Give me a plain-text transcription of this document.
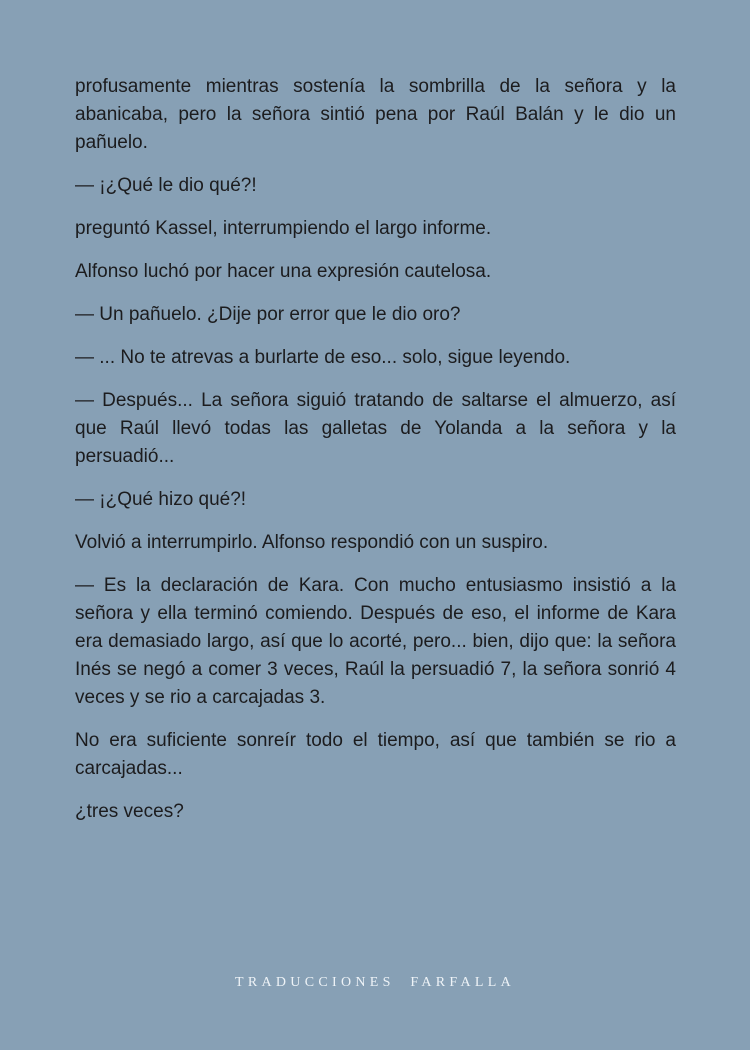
profusamente mientras sostenía la sombrilla de la señora y la abanicaba, pero la señora sintió pena por Raúl Balán y le dio un pañuelo.

— ¡¿Qué le dio qué?!

preguntó Kassel, interrumpiendo el largo informe.

Alfonso luchó por hacer una expresión cautelosa.

— Un pañuelo. ¿Dije por error que le dio oro?

— ... No te atrevas a burlarte de eso... solo, sigue leyendo.

— Después... La señora siguió tratando de saltarse el almuerzo, así que Raúl llevó todas las galletas de Yolanda a la señora y la persuadió...

— ¡¿Qué hizo qué?!

Volvió a interrumpirlo. Alfonso respondió con un suspiro.

— Es la declaración de Kara. Con mucho entusiasmo insistió a la señora y ella terminó comiendo. Después de eso, el informe de Kara era demasiado largo, así que lo acorté, pero... bien, dijo que: la señora Inés se negó a comer 3 veces, Raúl la persuadió 7, la señora sonrió 4 veces y se rio a carcajadas 3.

No era suficiente sonreír todo el tiempo, así que también se rio a carcajadas...

¿tres veces?

TRADUCCIONES  FARFALLA
